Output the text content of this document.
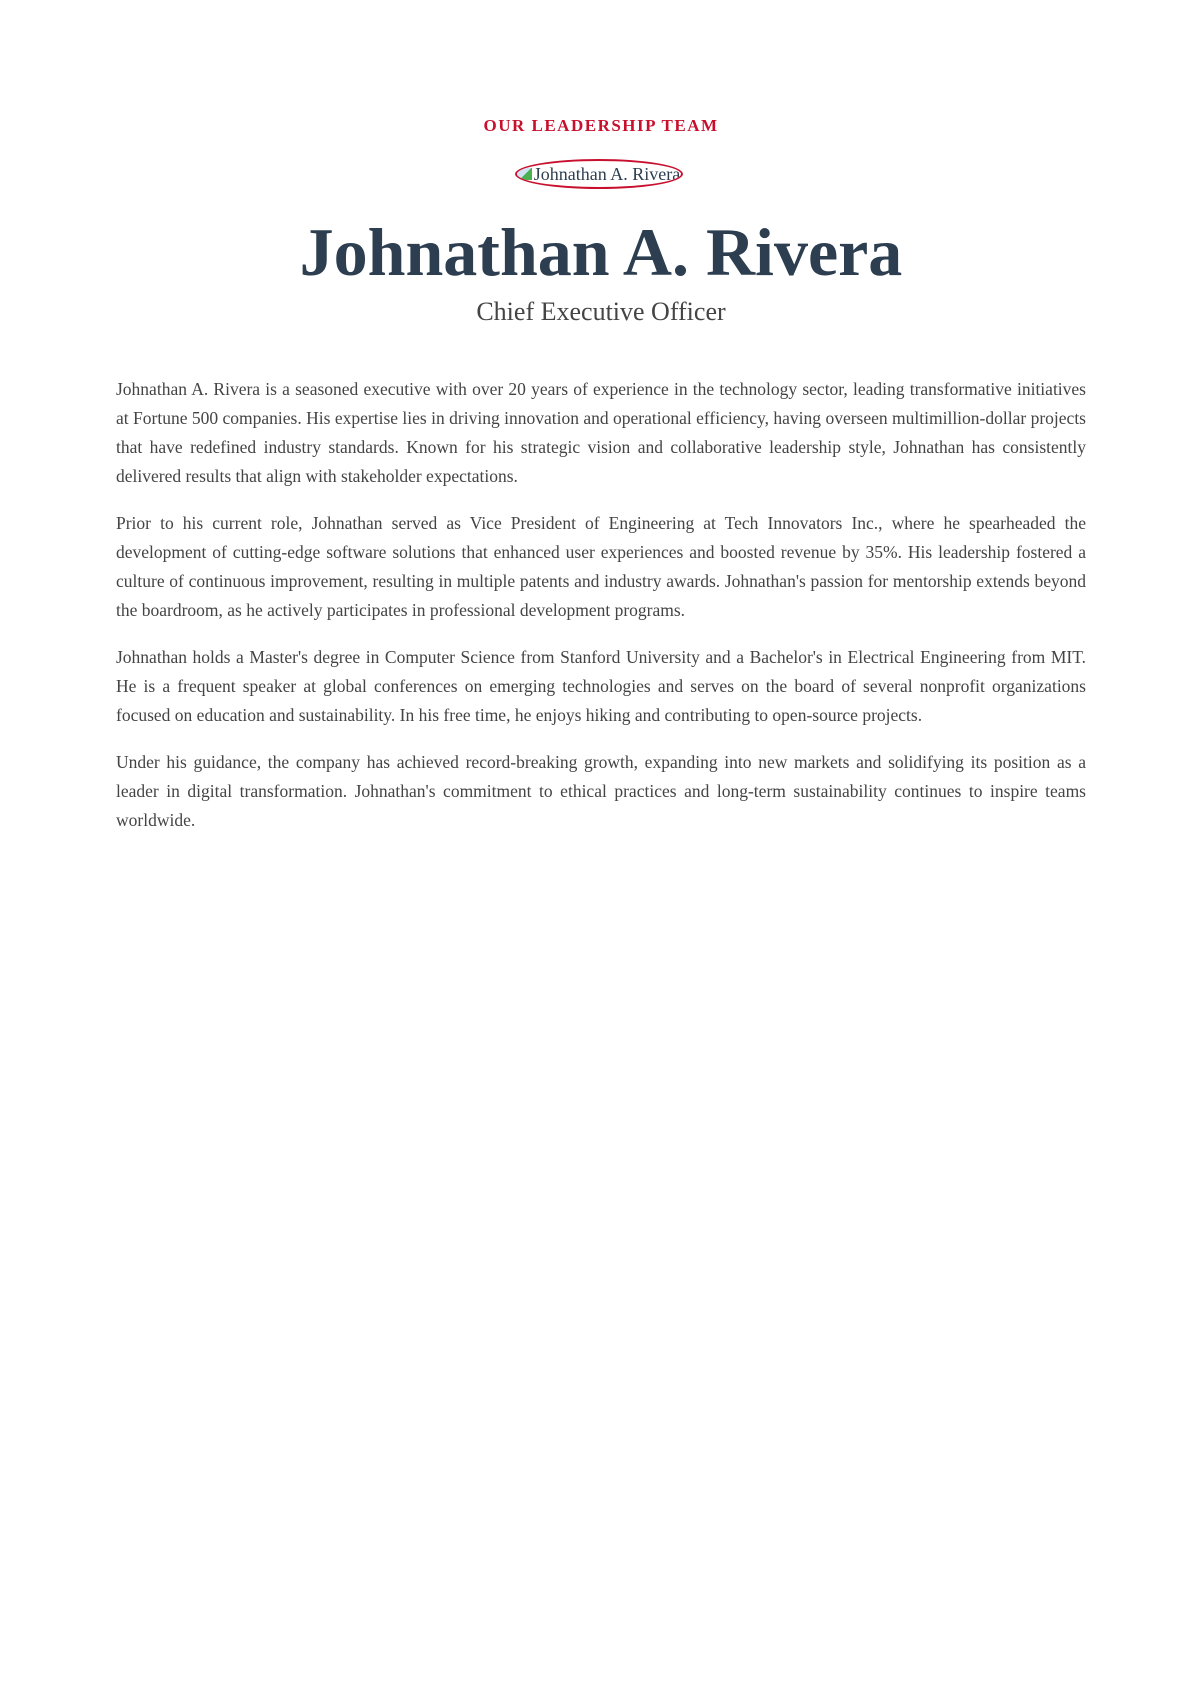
OUR LEADERSHIP TEAM
Johnathan A. Rivera
Johnathan A. Rivera
Chief Executive Officer

Johnathan A. Rivera is a seasoned executive with over 20 years of experience in the technology sector, leading transformative initiatives at Fortune 500 companies. His expertise lies in driving innovation and operational efficiency, having overseen multimillion-dollar projects that have redefined industry standards. Known for his strategic vision and collaborative leadership style, Johnathan has consistently delivered results that align with stakeholder expectations.

Prior to his current role, Johnathan served as Vice President of Engineering at Tech Innovators Inc., where he spearheaded the development of cutting-edge software solutions that enhanced user experiences and boosted revenue by 35%. His leadership fostered a culture of continuous improvement, resulting in multiple patents and industry awards. Johnathan's passion for mentorship extends beyond the boardroom, as he actively participates in professional development programs.

Johnathan holds a Master's degree in Computer Science from Stanford University and a Bachelor's in Electrical Engineering from MIT. He is a frequent speaker at global conferences on emerging technologies and serves on the board of several nonprofit organizations focused on education and sustainability. In his free time, he enjoys hiking and contributing to open-source projects.

Under his guidance, the company has achieved record-breaking growth, expanding into new markets and solidifying its position as a leader in digital transformation. Johnathan's commitment to ethical practices and long-term sustainability continues to inspire teams worldwide.
